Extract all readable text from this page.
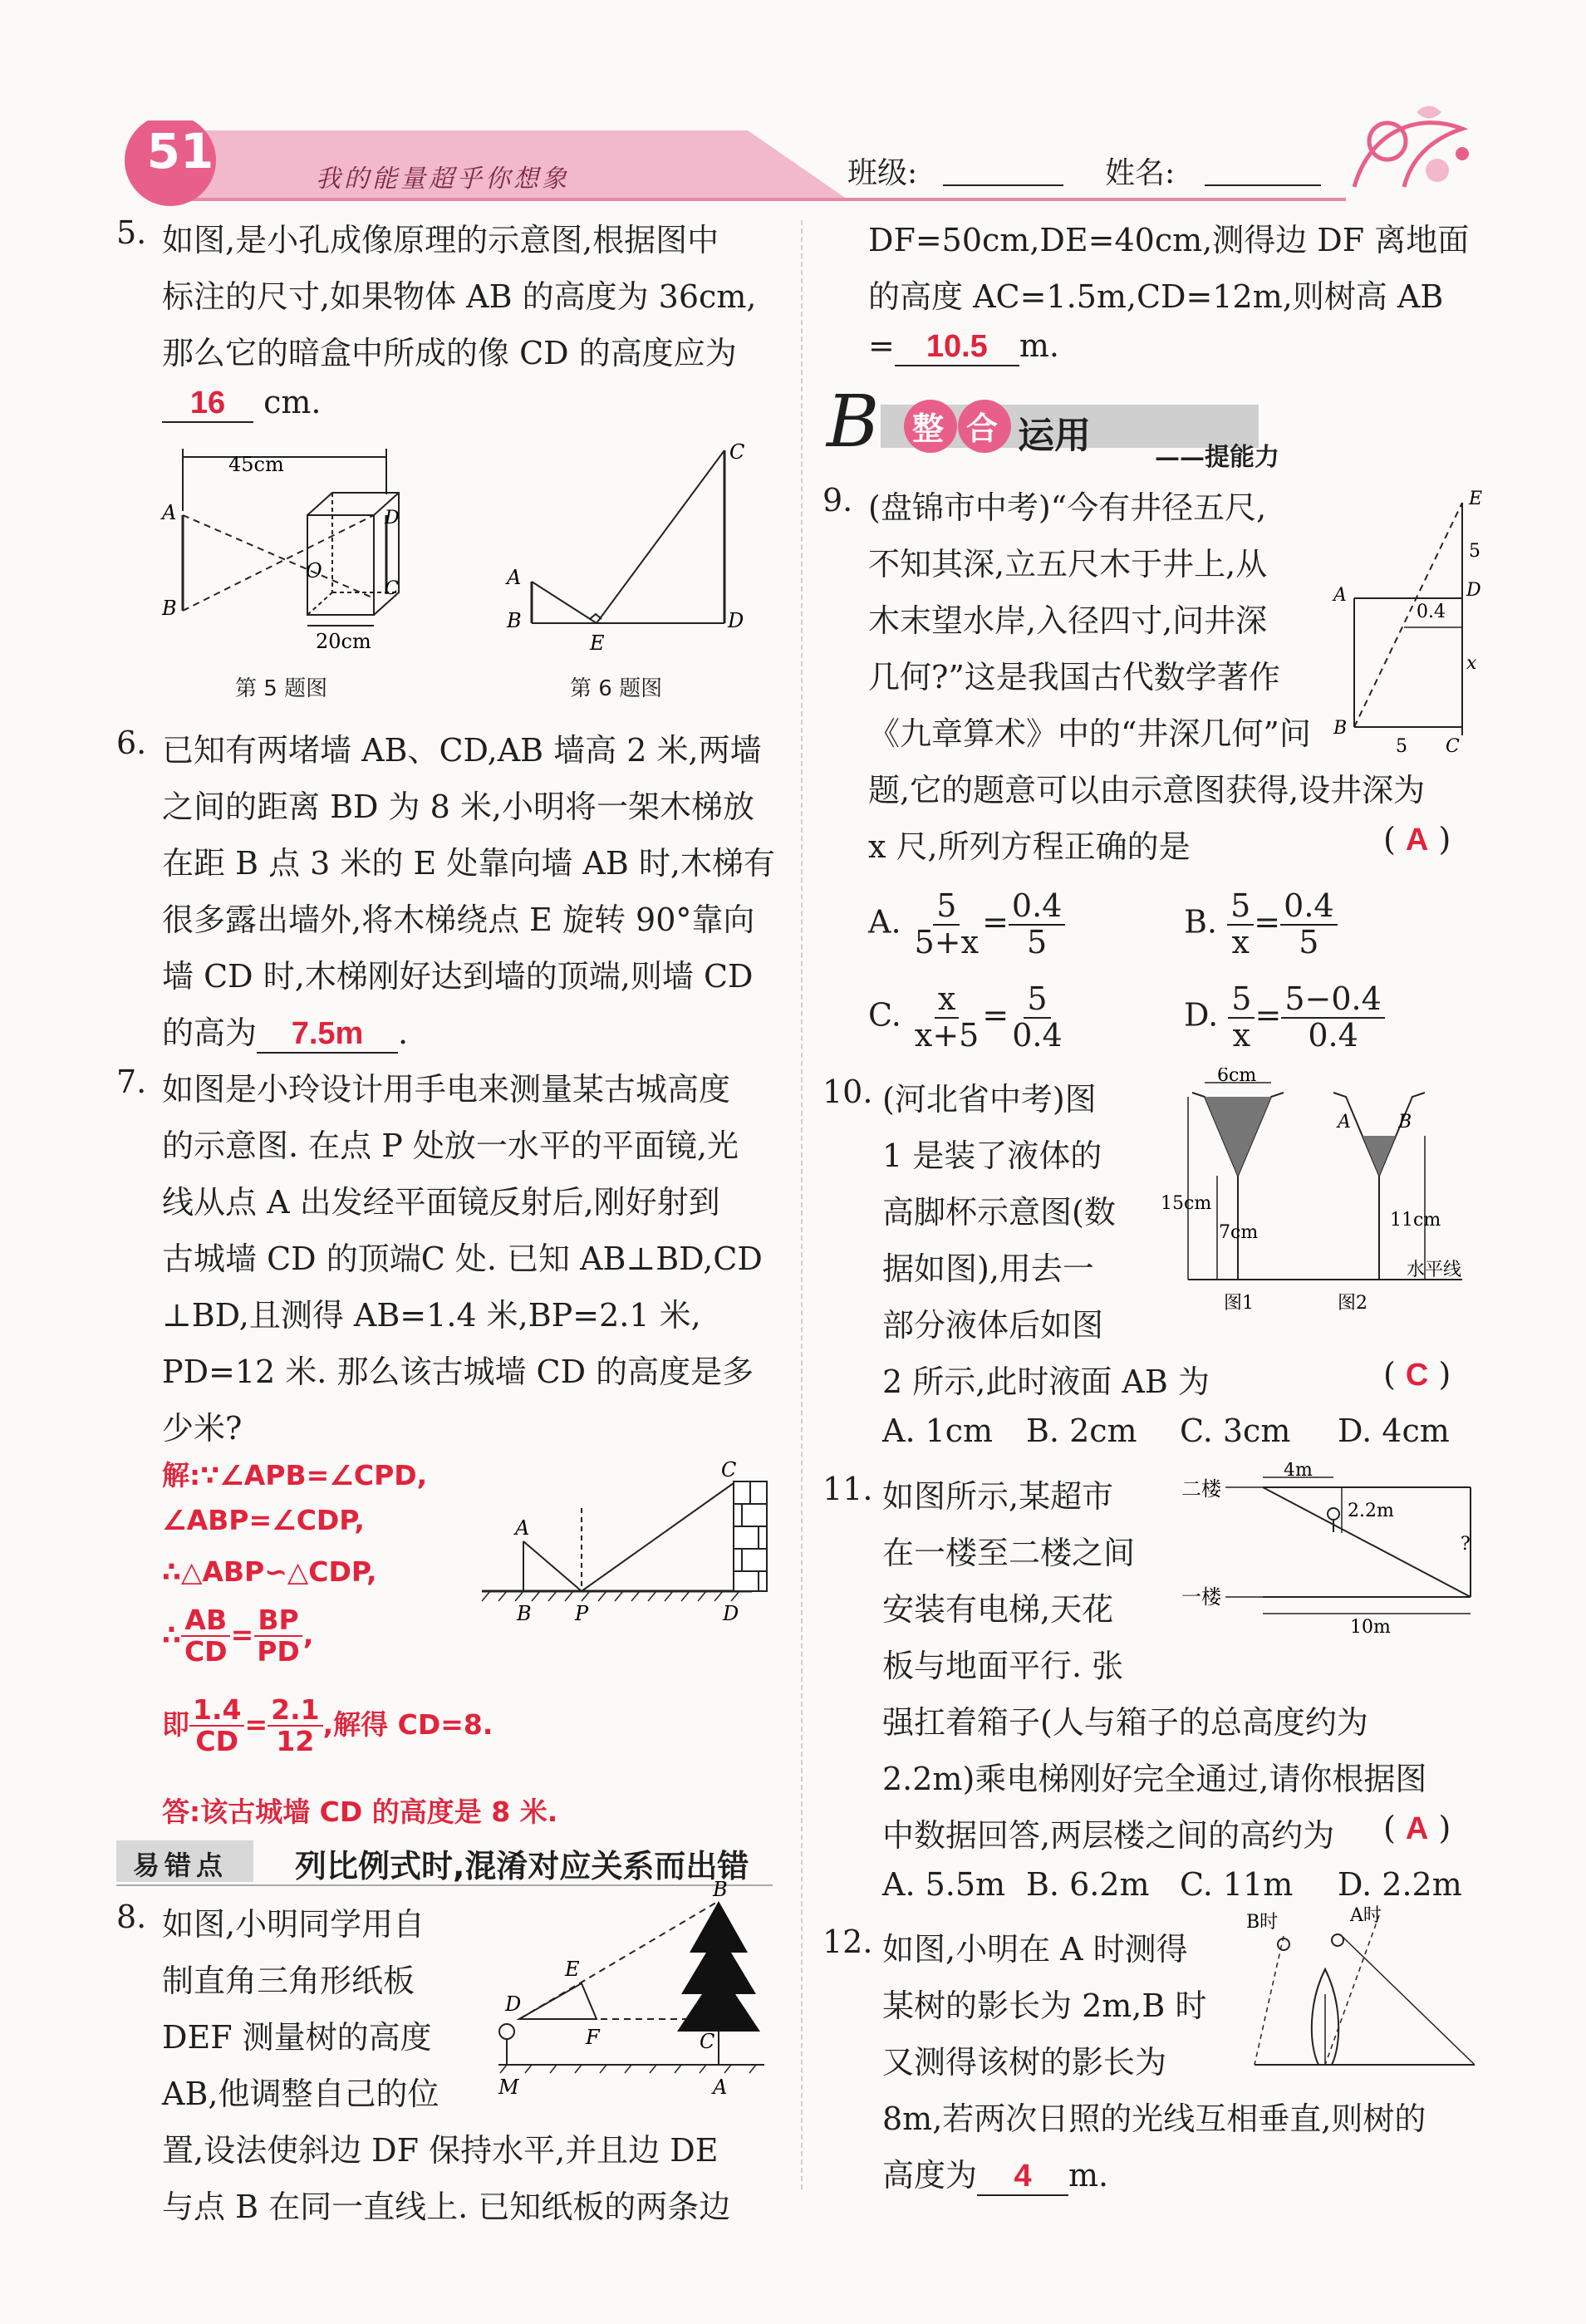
51	我的能量超乎你想象	班级:	姓名:
5. 如图,是小孔成像原理的示意图,根据图中
标注的尺寸,如果物体 AB 的高度为 36cm,
那么它的暗盒中所成的像 CD 的高度应为
16 cm.
45cm
A
B
O
D
C
20cm
第 5 题图
A
B
E
D
C
第 6 题图
6. 已知有两堵墙 AB、CD,AB 墙高 2 米,两墙
之间的距离 BD 为 8 米,小明将一架木梯放
在距 B 点 3 米的 E 处靠向墙 AB 时,木梯有
很多露出墙外,将木梯绕点 E 旋转 90°靠向
墙 CD 时,木梯刚好达到墙的顶端,则墙 CD
的高为 7.5m .
7. 如图是小玲设计用手电来测量某古城高度
的示意图. 在点 P 处放一水平的平面镜,光
线从点 A 出发经平面镜反射后,刚好射到
古城墙 CD 的顶端C 处. 已知 AB⊥BD,CD
⊥BD,且测得 AB=1.4 米,BP=2.1 米,
PD=12 米. 那么该古城墙 CD 的高度是多
少米?
解:∵∠APB=∠CPD,
∠ABP=∠CDP,
∴△ABP∽△CDP,
∴ $\frac{AB}{CD} = \frac{BP}{PD}$ ,
即 $\frac{1.4}{CD} = \frac{2.1}{12}$ ,解得 CD=8.
答:该古城墙 CD 的高度是 8 米.
A
B P	D
C
易错点 列比例式时,混淆对应关系而出错
8. 如图,小明同学用自
制直角三角形纸板
DEF 测量树的高度
AB,他调整自己的位
置,设法使斜边 DF 保持水平,并且边 DE
与点 B 在同一直线上. 已知纸板的两条边
D
E
F	C
B
M	A
DF=50cm,DE=40cm,测得边 DF 离地面
的高度 AC=1.5m,CD=12m,则树高 AB
= 10.5 m.
B 整 合 运用
——提能力
9. (盘锦市中考)“今有井径五尺,
不知其深,立五尺木于井上,从
木末望水岸,入径四寸,问井深
几何?”这是我国古代数学著作
《九章算术》中的“井深几何”问
题,它的题意可以由示意图获得,设井深为
x 尺,所列方程正确的是	( A )
E
5
D
0.4
x
A
B
5 C
A. $\frac{5}{5+x} = \frac{0.4}{5}$	B. $\frac{5}{x} = \frac{0.4}{5}$
C. $\frac{x}{x+5} = \frac{5}{0.4}$	D. $\frac{5}{x} = \frac{5-0.4}{0.4}$
10. (河北省中考)图
1 是装了液体的
高脚杯示意图(数
据如图),用去一
部分液体后如图
2 所示,此时液面 AB 为	( C )
A. 1cm B. 2cm C. 3cm D. 4cm
6cm
15cm
7cm
A	B
11cm
水平线
图1	图2
11. 如图所示,某超市
在一楼至二楼之间
安装有电梯,天花
板与地面平行. 张
强扛着箱子(人与箱子的总高度约为
2.2m)乘电梯刚好完全通过,请你根据图
中数据回答,两层楼之间的高约为 ( A )
A. 5.5m B. 6.2m C. 11m D. 2.2m
二楼
一楼
4m
2.2m
?
10m
12. 如图,小明在 A 时测得
某树的影长为 2m,B 时
又测得该树的影长为
8m,若两次日照的光线互相垂直,则树的
高度为 4 m.
B时	A时
